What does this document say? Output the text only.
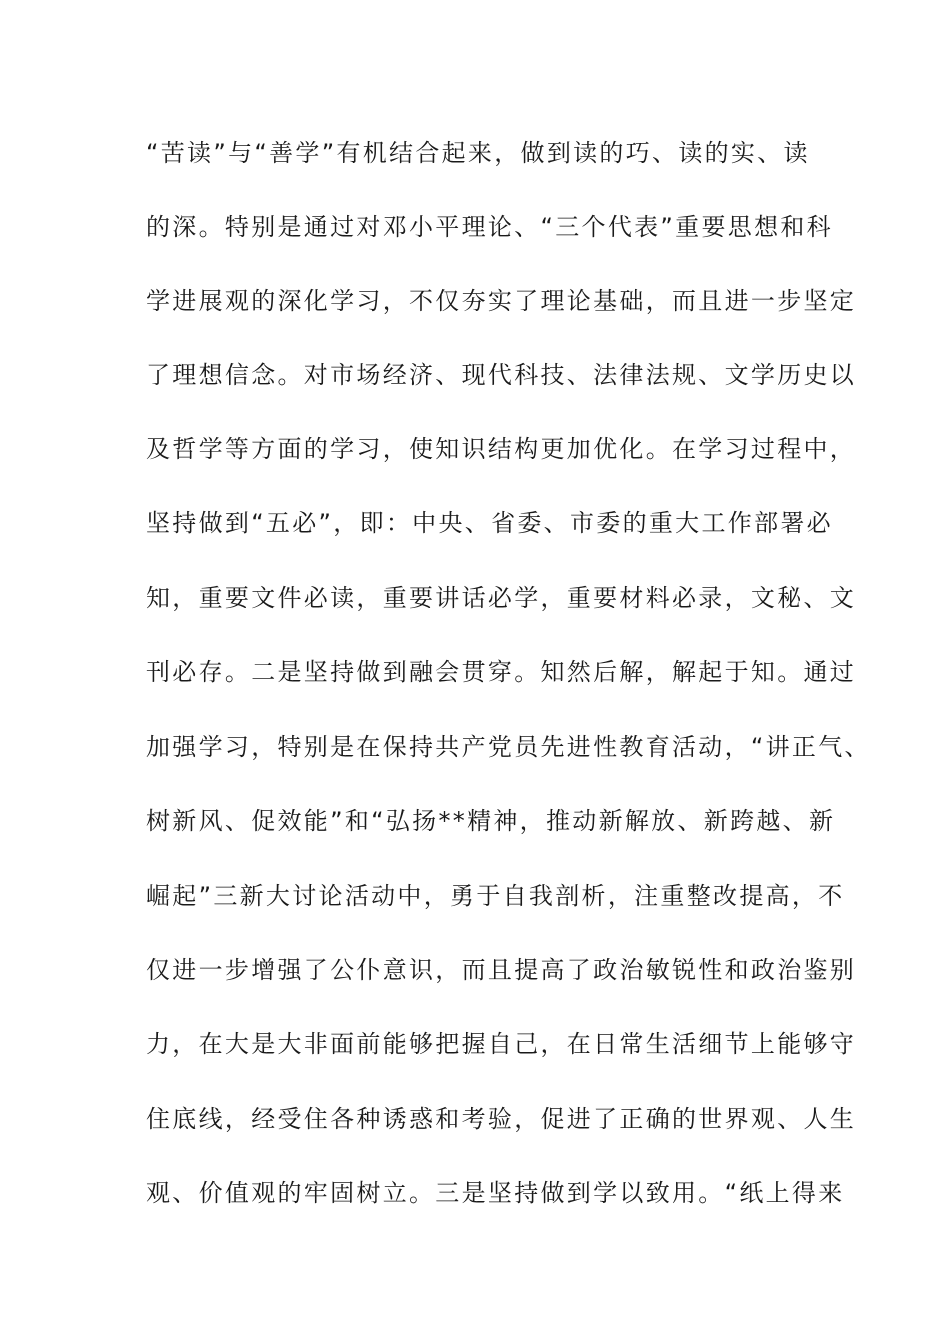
“苦读”与“善学”有机结合起来，做到读的巧、读的实、读
的深。特别是通过对邓小平理论、“三个代表”重要思想和科
学进展观的深化学习，不仅夯实了理论基础，而且进一步坚定
了理想信念。对市场经济、现代科技、法律法规、文学历史以
及哲学等方面的学习，使知识结构更加优化。在学习过程中，
坚持做到“五必”，即：中央、省委、市委的重大工作部署必
知，重要文件必读，重要讲话必学，重要材料必录，文秘、文
刊必存。二是坚持做到融会贯穿。知然后解，解起于知。通过
加强学习，特别是在保持共产党员先进性教育活动，“讲正气、
树新风、促效能”和“弘扬**精神，推动新解放、新跨越、新
崛起”三新大讨论活动中，勇于自我剖析，注重整改提高，不
仅进一步增强了公仆意识，而且提高了政治敏锐性和政治鉴别
力，在大是大非面前能够把握自己，在日常生活细节上能够守
住底线，经受住各种诱惑和考验，促进了正确的世界观、人生
观、价值观的牢固树立。三是坚持做到学以致用。“纸上得来
